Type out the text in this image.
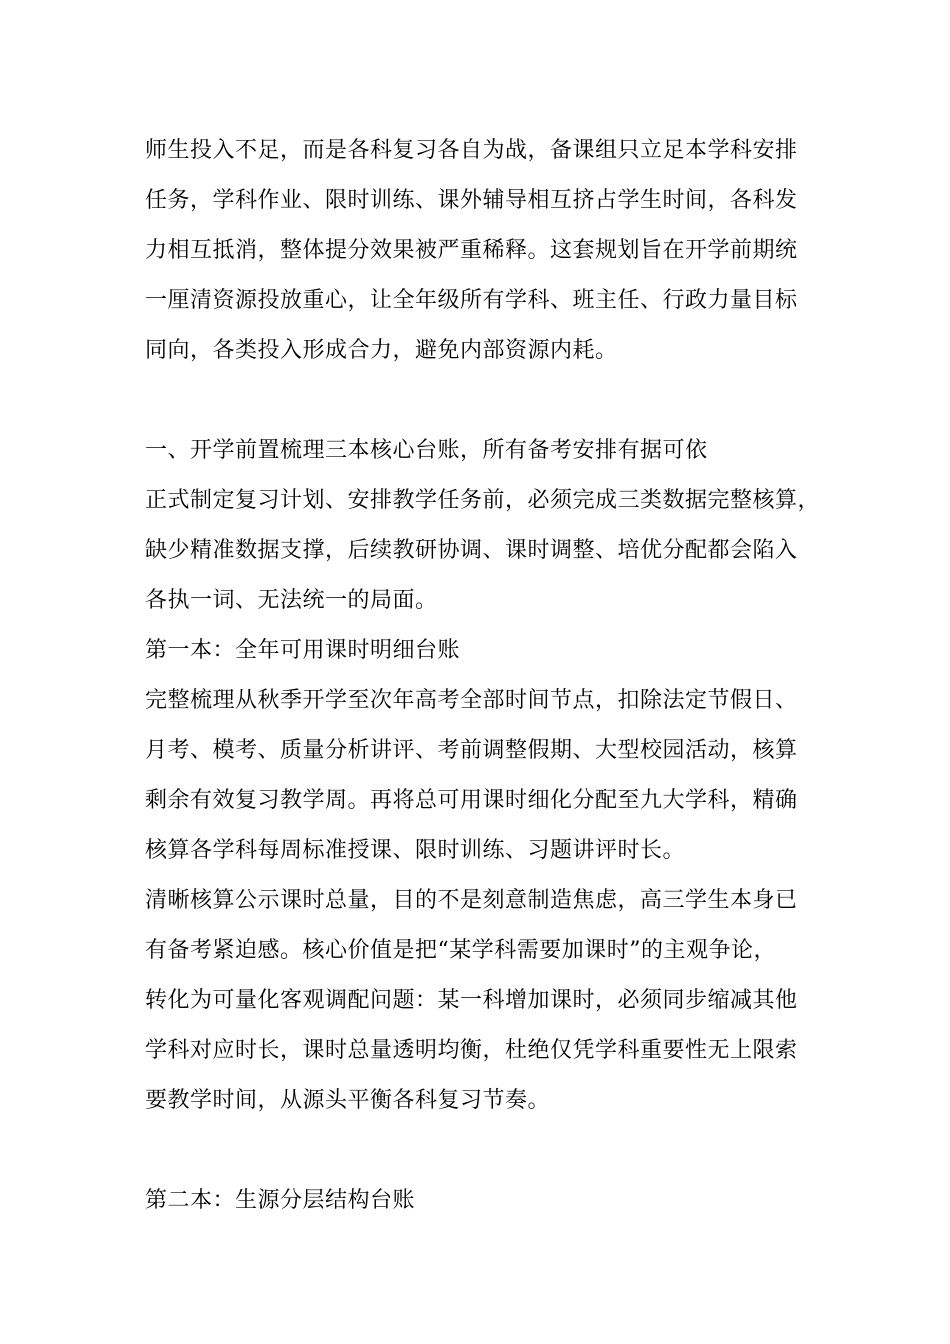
师生投入不足，而是各科复习各自为战，备课组只立足本学科安排
任务，学科作业、限时训练、课外辅导相互挤占学生时间，各科发
力相互抵消，整体提分效果被严重稀释。这套规划旨在开学前期统
一厘清资源投放重心，让全年级所有学科、班主任、行政力量目标
同向，各类投入形成合力，避免内部资源内耗。
一、开学前置梳理三本核心台账，所有备考安排有据可依
正式制定复习计划、安排教学任务前，必须完成三类数据完整核算，
缺少精准数据支撑，后续教研协调、课时调整、培优分配都会陷入
各执一词、无法统一的局面。
第一本：全年可用课时明细台账
完整梳理从秋季开学至次年高考全部时间节点，扣除法定节假日、
月考、模考、质量分析讲评、考前调整假期、大型校园活动，核算
剩余有效复习教学周。再将总可用课时细化分配至九大学科，精确
核算各学科每周标准授课、限时训练、习题讲评时长。
清晰核算公示课时总量，目的不是刻意制造焦虑，高三学生本身已
有备考紧迫感。核心价值是把“某学科需要加课时”的主观争论，
转化为可量化客观调配问题：某一科增加课时，必须同步缩减其他
学科对应时长，课时总量透明均衡，杜绝仅凭学科重要性无上限索
要教学时间，从源头平衡各科复习节奏。
第二本：生源分层结构台账
